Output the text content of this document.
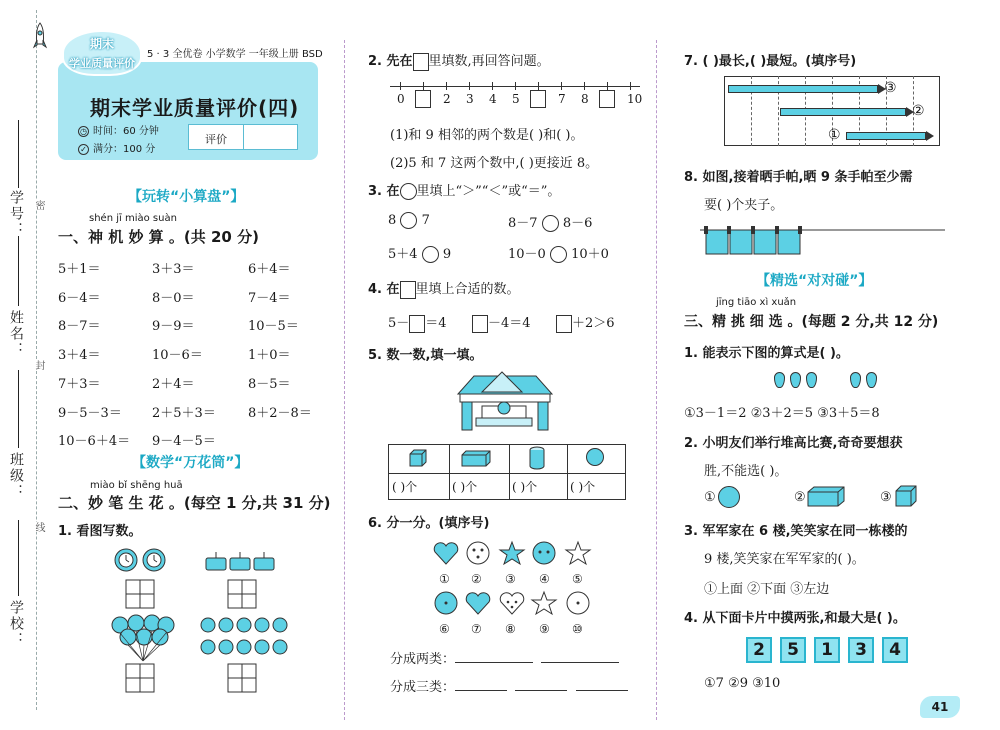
学号：
姓名：
班级：
学校：
密
封
线
期末
学业质量评价
5 · 3 全优卷 小学数学 一年级上册 BSD
期末学业质量评价(四)
◷ 时间：60 分钟
✓ 满分：100 分
评价
【玩转“小算盘”】
shén jī miào suàn
一、神 机 妙 算 。(共 20 分)
5＋1＝	3＋3＝	6＋4＝
6－4＝	8－0＝	7－4＝
8－7＝	9－9＝	10－5＝
3＋4＝	10－6＝	1＋0＝
7＋3＝	2＋4＝	8－5＝
9－5－3＝ 2＋5＋3＝ 8＋2－8＝
10－6＋4＝ 9－4－5＝
【数学“万花筒”】
miào bǐ shēng huā
二、妙 笔 生 花 。(每空 1 分,共 31 分)
1. 看图写数。
2. 先在 里填数,再回答问题。
0	2 3 4 5	7 8	10
(1)和 9 相邻的两个数是( )和( )。
(2)5 和 7 这两个数中,( )更接近 8。
3. 在 里填上“＞”“＜”或“＝”。
8 7	8－7 8－6
5＋4 9	10－0 10＋0
4. 在 里填上合适的数。
5－ ＝4	－4＝4	＋2＞6
5. 数一数,填一填。
( )个	( )个	( )个	( )个
6. 分一分。(填序号)
① ② ③ ④ ⑤
⑥ ⑦ ⑧ ⑨ ⑩
分成两类：
分成三类：
7. ( )最长,( )最短。(填序号)
③
②
①
8. 如图,接着晒手帕,晒 9 条手帕至少需
要( )个夹子。
【精选“对对碰”】
jīng tiāo xì xuǎn
三、精 挑 细 选 。(每题 2 分,共 12 分)
1. 能表示下图的算式是( )。
①3－1＝2 ②3＋2＝5 ③3＋5＝8
2. 小明友们举行堆高比赛,奇奇要想获
胜,不能选( )。
①	②	③
3. 军军家在 6 楼,笑笑家在同一栋楼的
9 楼,笑笑家在军军家的( )。
①上面 ②下面 ③左边
4. 从下面卡片中摸两张,和最大是( )。
2	5	1	3	4
①7 ②9 ③10
41
